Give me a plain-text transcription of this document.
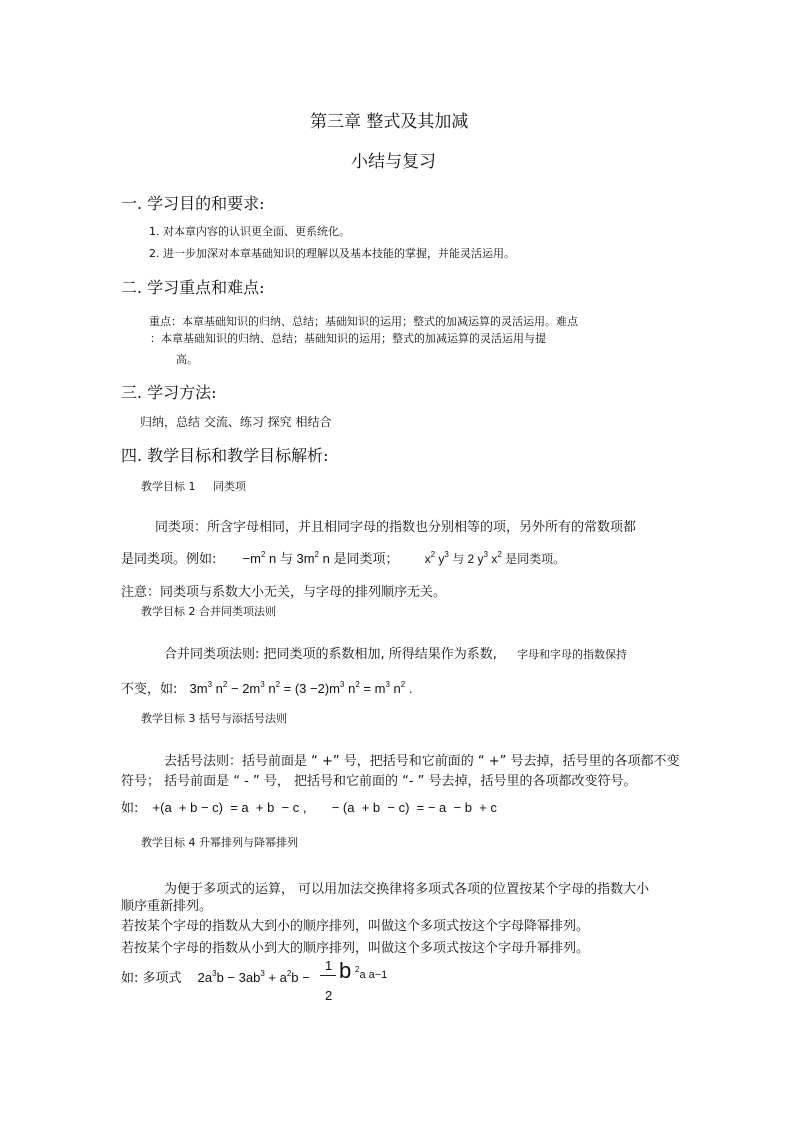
第三章 整式及其加减
小结与复习
一. 学习目的和要求:
1. 对本章内容的认识更全面、更系统化。
2. 进一步加深对本章基础知识的理解以及基本技能的掌握，并能灵活运用。
二. 学习重点和难点:
重点：本章基础知识的归纳、总结；基础知识的运用；整式的加减运算的灵活运用。难点
：本章基础知识的归纳、总结；基础知识的运用；整式的加减运算的灵活运用与提
高。
三. 学习方法:
归纳，总结 交流、练习 探究 相结合
四. 教学目标和教学目标解析:
教学目标 1 同类项
同类项：所含字母相同，并且相同字母的指数也分别相等的项，另外所有的常数项都
是同类项。例如: $-m^2$ n 与 $3m^2$ n 是同类项； $x^2$ $y^3$ 与 2 $y^3$ $x^2$ 是同类项。
注意：同类项与系数大小无关，与字母的排列顺序无关。
教学目标 2 合并同类项法则
合并同类项法则: 把同类项的系数相加, 所得结果作为系数, 字母和字母的指数保持
不变，如: $3m^3$ $n^2 - 2m^3$ $n^2 = (3 -2)m^3$ $n^2 = m^3$ $n^2$ .
教学目标 3 括号与添括号法则
去括号法则：括号前面是 “ +” 号，把括号和它前面的 “ +” 号去掉，括号里的各项都不变
符号； 括号前面是 “ - ” 号， 把括号和它前面的 “- ” 号去掉，括号里的各项都改变符号。
如: +(a  + b − c)  = a  + b  − c ,       − (a  + b  − c)  = − a  − b  + c
教学目标 4 升幂排列与降幂排列
为便于多项式的运算， 可以用加法交换律将多项式各项的位置按某个字母的指数大小
顺序重新排列。
若按某个字母的指数从大到小的顺序排列，叫做这个多项式按这个字母降幂排列。
若按某个字母的指数从小到大的顺序排列，叫做这个多项式按这个字母升幂排列。
如: 多项式 $2a^3b - 3ab^3 + a^2b$ −
1
2
b $^2$a a−1
